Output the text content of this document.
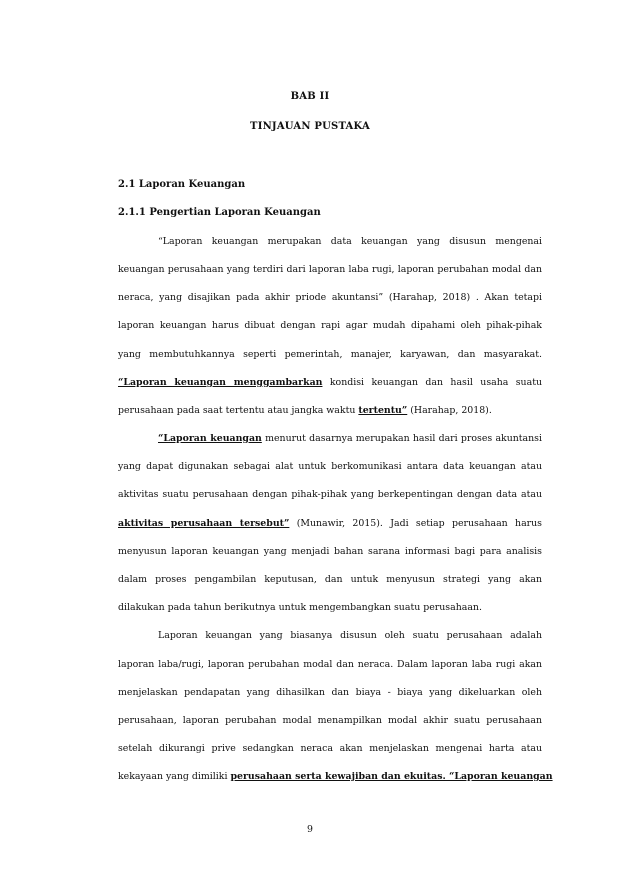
BAB II
TINJAUAN PUSTAKA
2.1 Laporan Keuangan
2.1.1 Pengertian Laporan Keuangan
“Laporan keuangan merupakan data keuangan yang disusun mengenai
keuangan perusahaan yang terdiri dari laporan laba rugi, laporan perubahan modal dan
neraca, yang disajikan pada akhir priode akuntansi” (Harahap, 2018) . Akan tetapi
laporan keuangan harus dibuat dengan rapi agar mudah dipahami oleh pihak-pihak
yang membutuhkannya seperti pemerintah, manajer, karyawan, dan masyarakat.
“Laporan keuangan menggambarkan kondisi keuangan dan hasil usaha suatu
perusahaan pada saat tertentu atau jangka waktu tertentu” (Harahap, 2018).
“Laporan keuangan menurut dasarnya merupakan hasil dari proses akuntansi
yang dapat digunakan sebagai alat untuk berkomunikasi antara data keuangan atau
aktivitas suatu perusahaan dengan pihak-pihak yang berkepentingan dengan data atau
aktivitas perusahaan tersebut” (Munawir, 2015). Jadi setiap perusahaan harus
menyusun laporan keuangan yang menjadi bahan sarana informasi bagi para analisis
dalam proses pengambilan keputusan, dan untuk menyusun strategi yang akan
dilakukan pada tahun berikutnya untuk mengembangkan suatu perusahaan.
Laporan keuangan yang biasanya disusun oleh suatu perusahaan adalah
laporan laba/rugi, laporan perubahan modal dan neraca. Dalam laporan laba rugi akan
menjelaskan pendapatan yang dihasilkan dan biaya - biaya yang dikeluarkan oleh
perusahaan, laporan perubahan modal menampilkan modal akhir suatu perusahaan
setelah dikurangi prive sedangkan neraca akan menjelaskan mengenai harta atau
kekayaan yang dimiliki perusahaan serta kewajiban dan ekuitas. “Laporan keuangan
9
